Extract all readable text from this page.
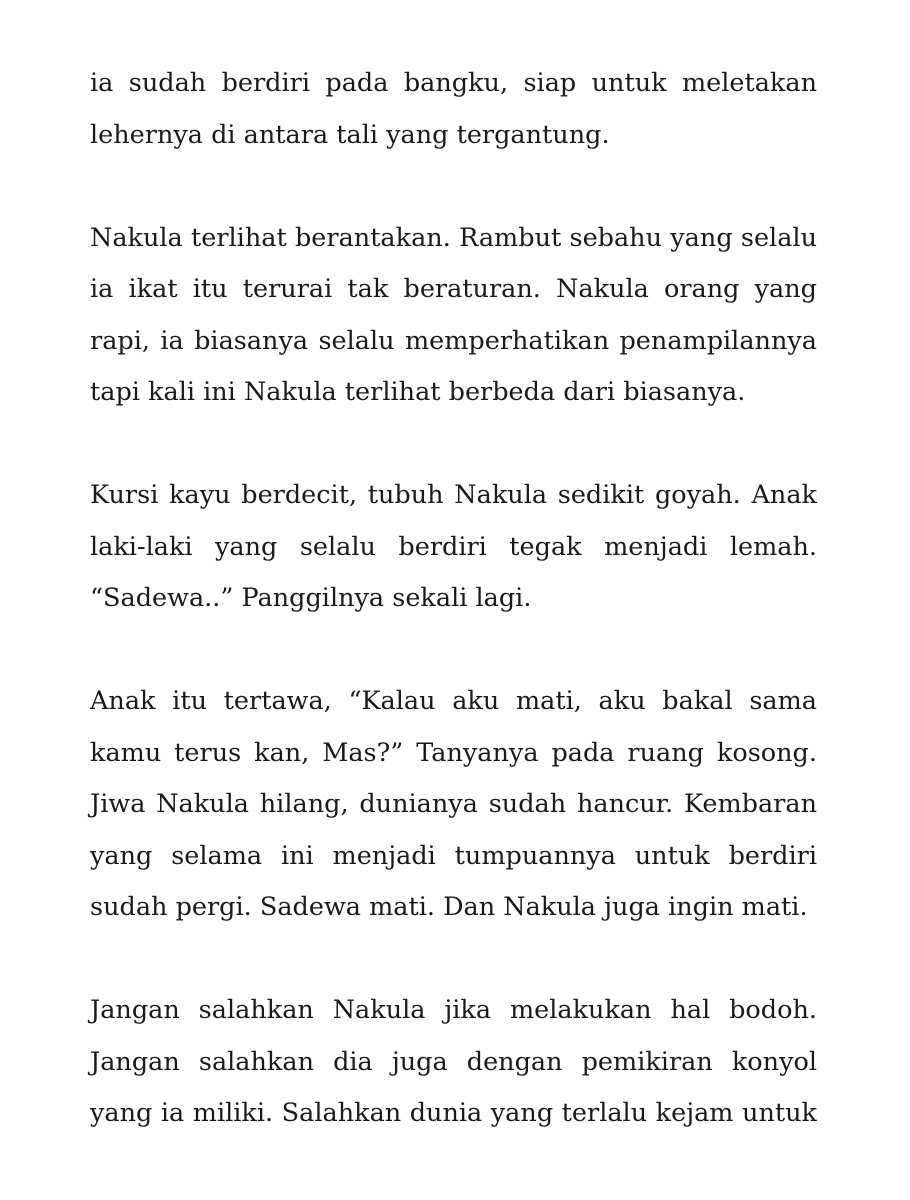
ia sudah berdiri pada bangku, siap untuk meletakan lehernya di antara tali yang tergantung.

Nakula terlihat berantakan. Rambut sebahu yang selalu ia ikat itu terurai tak beraturan. Nakula orang yang rapi, ia biasanya selalu memperhatikan penampilannya tapi kali ini Nakula terlihat berbeda dari biasanya.

Kursi kayu berdecit, tubuh Nakula sedikit goyah. Anak laki-laki yang selalu berdiri tegak menjadi lemah. “Sadewa..” Panggilnya sekali lagi.

Anak itu tertawa, “Kalau aku mati, aku bakal sama kamu terus kan, Mas?” Tanyanya pada ruang kosong. Jiwa Nakula hilang, dunianya sudah hancur. Kembaran yang selama ini menjadi tumpuannya untuk berdiri sudah pergi. Sadewa mati. Dan Nakula juga ingin mati.

Jangan salahkan Nakula jika melakukan hal bodoh. Jangan salahkan dia juga dengan pemikiran konyol yang ia miliki. Salahkan dunia yang terlalu kejam untuk
